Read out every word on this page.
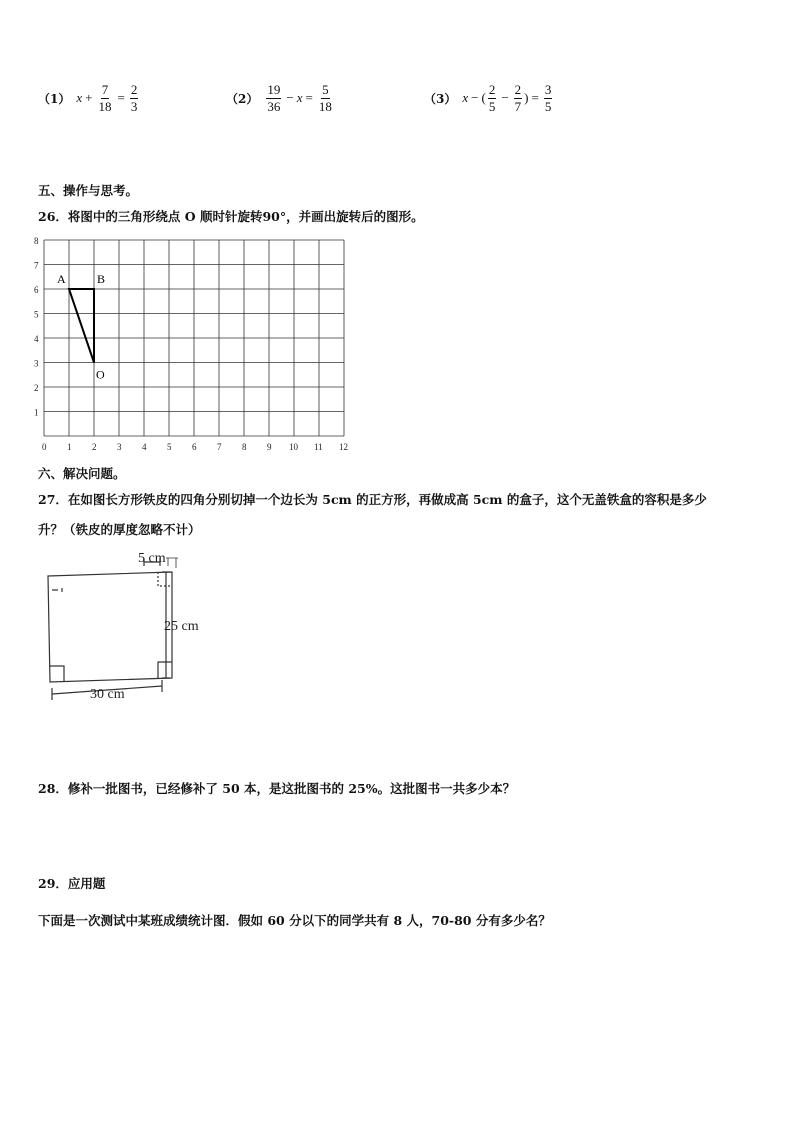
（1） $x + \frac{7}{18} = \frac{2}{3}$	$(2) \frac{19}{36} - x = \frac{5}{18}$	（3） x − ( $\frac{2}{5} - \frac{2}{7}$ ) = $\frac{3}{5}$
五、操作与思考。
26．将图中的三角形绕点 O 顺时针旋转90°，并画出旋转后的图形。
0 1 2 3 4 5 6 7 8 9 10 11 12
1
2
3
4
5
6
7
8
A	B
O
六、解决问题。
27．在如图长方形铁皮的四角分别切掉一个边长为 5cm 的正方形，再做成高 5cm 的盒子，这个无盖铁盒的容积是多少
升？（铁皮的厚度忽略不计）
5 cm
25 cm
30 cm
28．修补一批图书，已经修补了 50 本，是这批图书的 25%。这批图书一共多少本？
29．应用题
下面是一次测试中某班成绩统计图．假如 60 分以下的同学共有 8 人，70-80 分有多少名？
